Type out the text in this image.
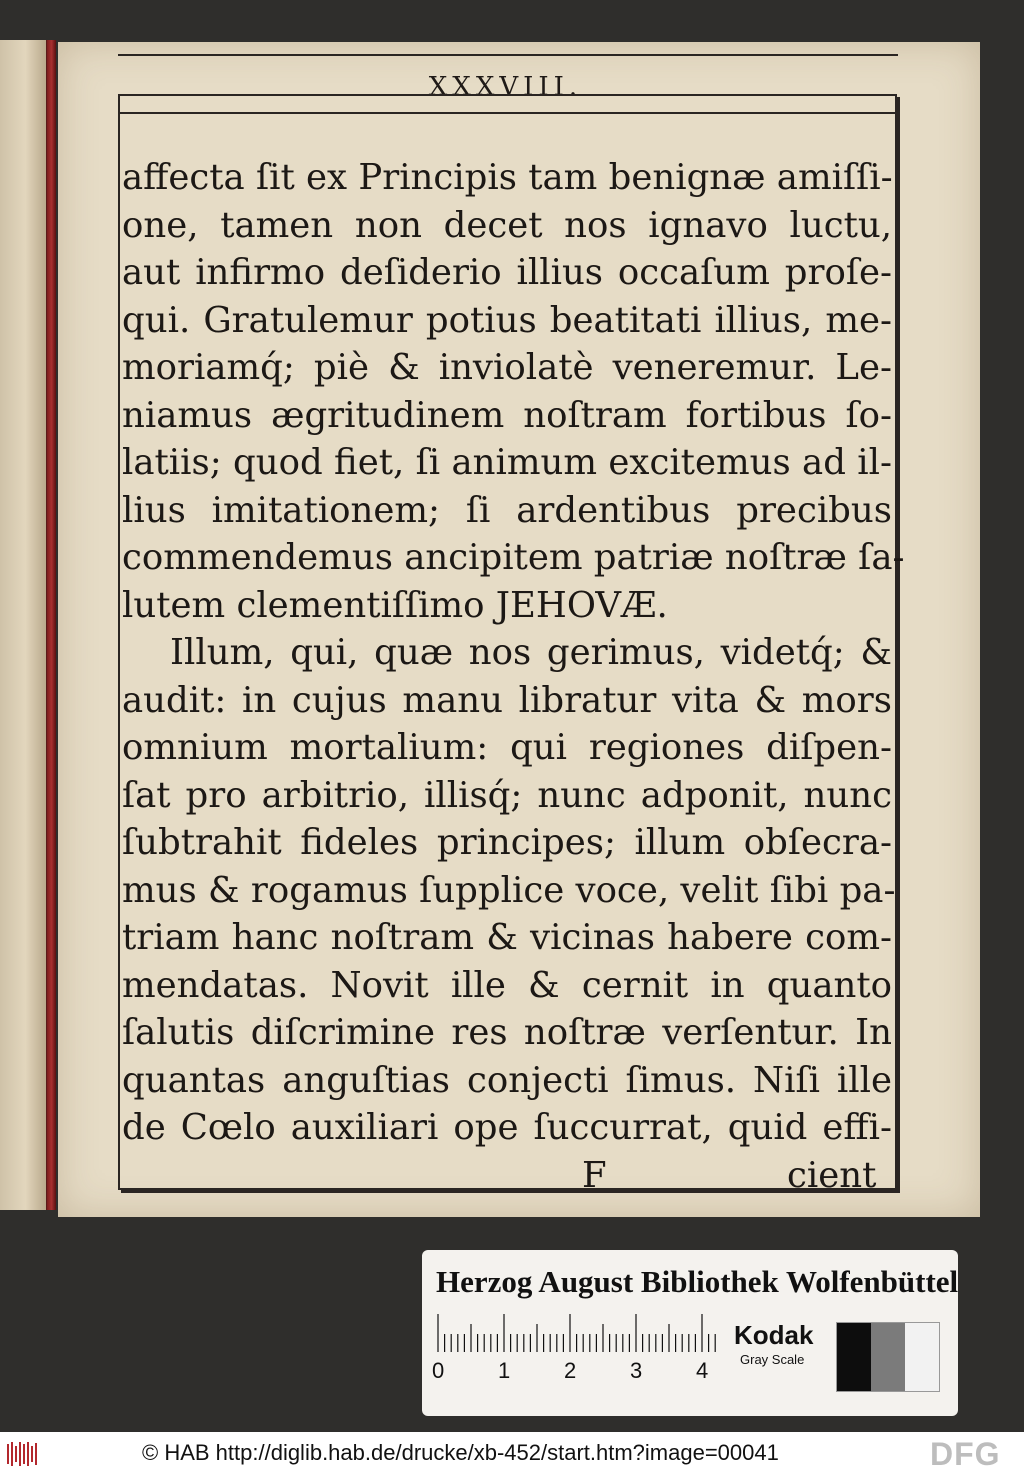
XXXVIII.
affecta ſit ex Principis tam benignæ amiſſi-
one, tamen non decet nos ignavo luctu,
aut infirmo deſiderio illius occaſum proſe-
qui. Gratulemur potius beatitati illius, me-
moriamq́; piè & inviolatè veneremur. Le-
niamus ægritudinem noſtram fortibus ſo-
latiis; quod fiet, ſi animum excitemus ad il-
lius imitationem; ſi ardentibus precibus
commendemus ancipitem patriæ noſtræ ſa-
lutem clementiſſimo JEHOVÆ.
Illum, qui, quæ nos gerimus, videtq́; &
audit: in cujus manu libratur vita & mors
omnium mortalium: qui regiones diſpen-
ſat pro arbitrio, illisq́; nunc adponit, nunc
ſubtrahit fideles principes; illum obſecra-
mus & rogamus ſupplice voce, velit ſibi pa-
triam hanc noſtram & vicinas habere com-
mendatas. Novit ille & cernit in quanto
ſalutis diſcrimine res noſtræ verſentur. In
quantas anguſtias conjecti ſimus. Niſi ille
de Cœlo auxiliari ope ſuccurrat, quid effi-
F	cient
Herzog August Bibliothek Wolfenbüttel
0 1 2 3 4
Kodak
Gray Scale
© HAB http://diglib.hab.de/drucke/xb-452/start.htm?image=00041	DFG
